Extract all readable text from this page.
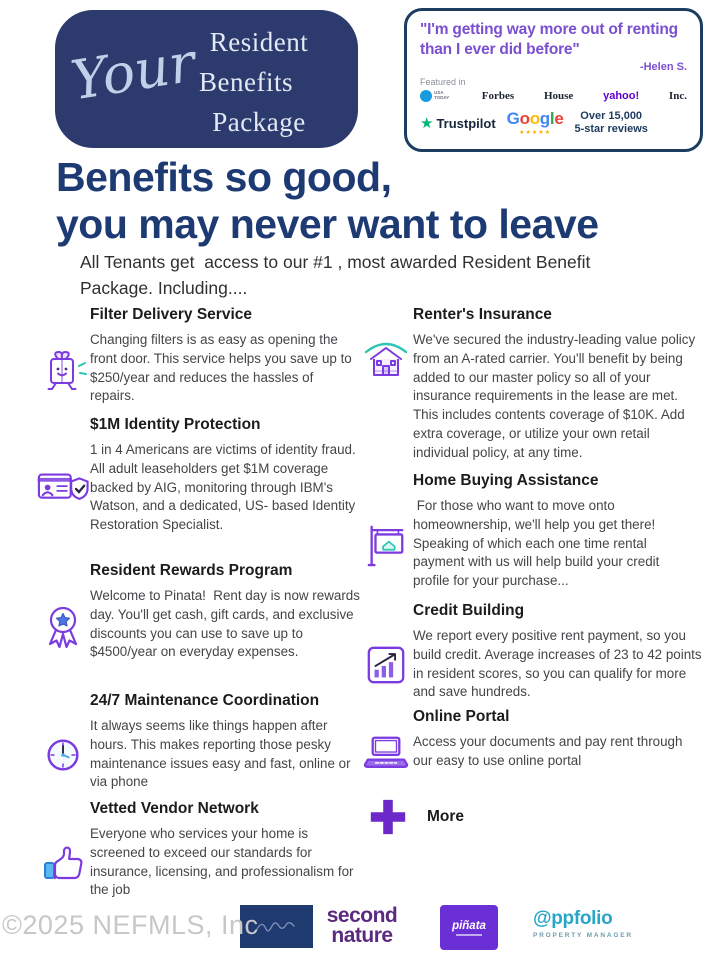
Your Resident
Benefits
Package
"I'm getting way more out of renting than I ever did before"
-Helen S.
Featured in
USA TODAY	Forbes	House	yahoo!	Inc.
★ Trustpilot Google
★★★★★
Over 15,000
5-star reviews
Benefits so good,
you may never want to leave
All Tenants get  access to our #1 , most awarded Resident Benefit Package. Including....
Filter Delivery Service
Changing filters is as easy as opening the front door. This service helps you save up to $250/year and reduces the hassles of repairs.
$1M Identity Protection
1 in 4 Americans are victims of identity fraud. All adult leaseholders get $1M coverage backed by AIG, monitoring through IBM's Watson, and a dedicated, US- based Identity Restoration Specialist.
Resident Rewards Program
Welcome to Pinata!  Rent day is now rewards day. You'll get cash, gift cards, and exclusive discounts you can use to save up to $4500/year on everyday expenses.
24/7 Maintenance Coordination
It always seems like things happen after hours. This makes reporting those pesky maintenance issues easy and fast, online or via phone
Vetted Vendor Network
Everyone who services your home is screened to exceed our standards for insurance, licensing, and professionalism for the job
Renter's Insurance
We've secured the industry-leading value policy from an A-rated carrier. You'll benefit by being added to our master policy so all of your insurance requirements in the lease are met. This includes contents coverage of $10K. Add extra coverage, or utilize your own retail individual policy, at any time.
Home Buying Assistance
For those who want to move onto homeownership, we'll help you get there! Speaking of which each one time rental payment with us will help build your credit profile for your purchase...
Credit Building
We report every positive rent payment, so you build credit. Average increases of 23 to 42 points in resident scores, so you can qualify for more and save hundreds.
Online Portal
Access your documents and pay rent through our easy to use online portal
More
©2025 NEFMLS, Inc	second
nature	piñata @ppfolio
PROPERTY MANAGER
